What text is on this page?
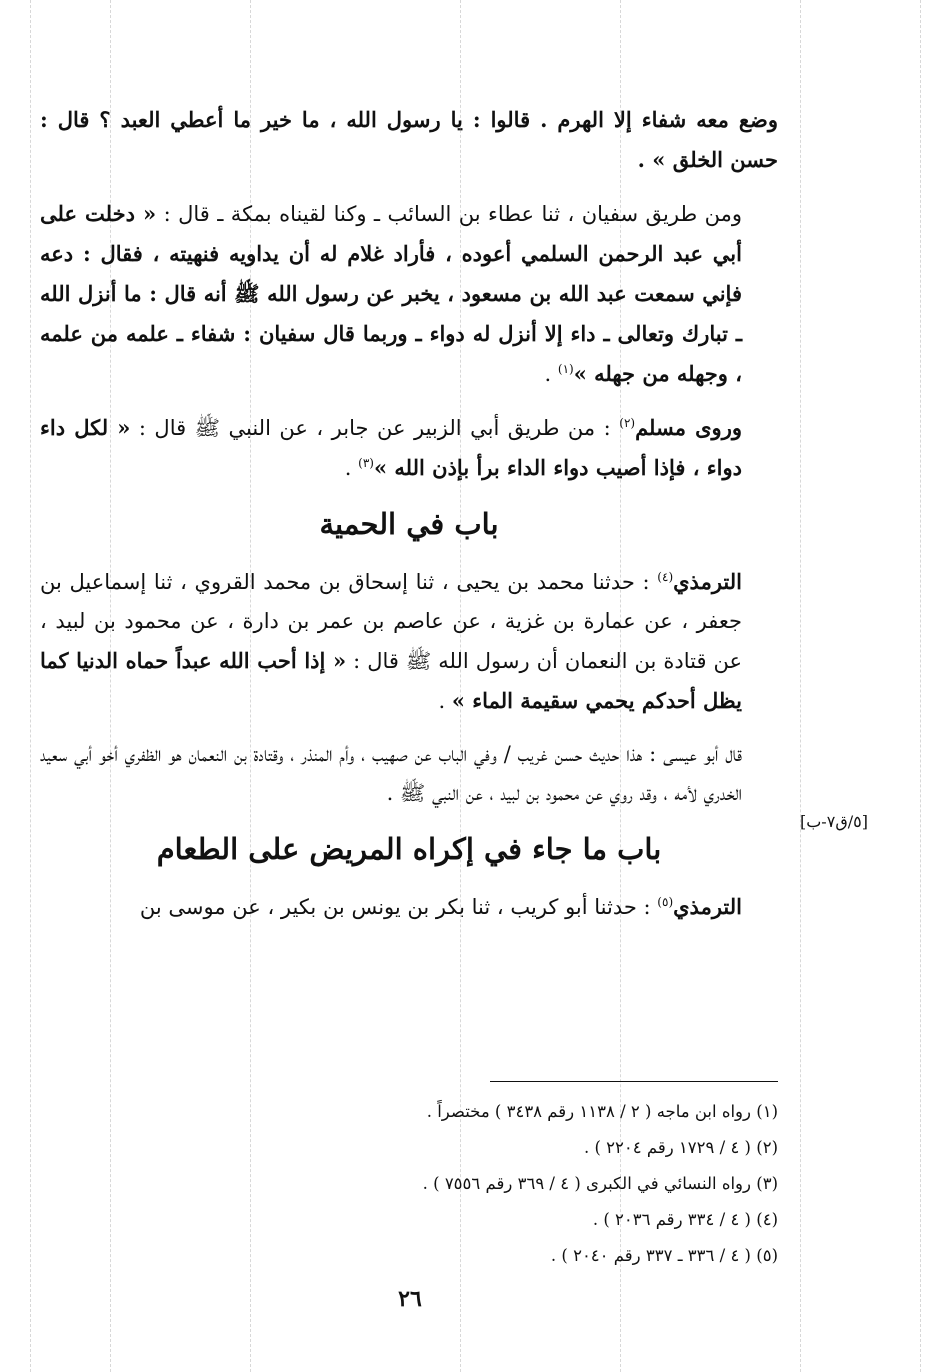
وضع معه شفاء إلا الهرم . قالوا : يا رسول الله ، ما خير ما أعطي العبد ؟ قال : حسن الخلق » .

ومن طريق سفيان ، ثنا عطاء بن السائب ـ وكنا لقيناه بمكة ـ قال : « دخلت على أبي عبد الرحمن السلمي أعوده ، فأراد غلام له أن يداويه فنهيته ، فقال : دعه فإني سمعت عبد الله بن مسعود ، يخبر عن رسول الله ﷺ أنه قال : ما أنزل الله ـ تبارك وتعالى ـ داء إلا أنزل له دواء ـ وربما قال سفيان : شفاء ـ علمه من علمه ، وجهله من جهله »$^{(١)}$ .

وروى مسلم$^{(٢)}$ : من طريق أبي الزبير عن جابر ، عن النبي ﷺ قال : « لكل داء دواء ، فإذا أصيب دواء الداء برأ بإذن الله »$^{(٣)}$ .

باب في الحمية

الترمذي$^{(٤)}$ : حدثنا محمد بن يحيى ، ثنا إسحاق بن محمد القروي ، ثنا إسماعيل بن جعفر ، عن عمارة بن غزية ، عن عاصم بن عمر بن دارة ، عن محمود بن لبيد ، عن قتادة بن النعمان أن رسول الله ﷺ قال : « إذا أحب الله عبداً حماه الدنيا كما يظل أحدكم يحمي سقيمة الماء » .

قال أبو عيسى : هذا حديث حسن غريب / وفي الباب عن صهيب ، وأم المنذر ، وقتادة بن النعمان هو الظفري أخو أبي سعيد الخدري لأمه ، وقد روي عن محمود بن لبيد ، عن النبي ﷺ .

باب ما جاء في إكراه المريض على الطعام

الترمذي$^{(٥)}$ : حدثنا أبو كريب ، ثنا بكر بن يونس بن بكير ، عن موسى بن

[٥/ق٧-ب]
(١) رواه ابن ماجه ( ٢ / ١١٣٨ رقم ٣٤٣٨ ) مختصراً .
(٢) ( ٤ / ١٧٢٩ رقم ٢٢٠٤ ) .
(٣) رواه النسائي في الكبرى ( ٤ / ٣٦٩ رقم ٧٥٥٦ ) .
(٤) ( ٤ / ٣٣٤ رقم ٢٠٣٦ ) .
(٥) ( ٤ / ٣٣٦ ـ ٣٣٧ رقم ٢٠٤٠ ) .
٢٦
